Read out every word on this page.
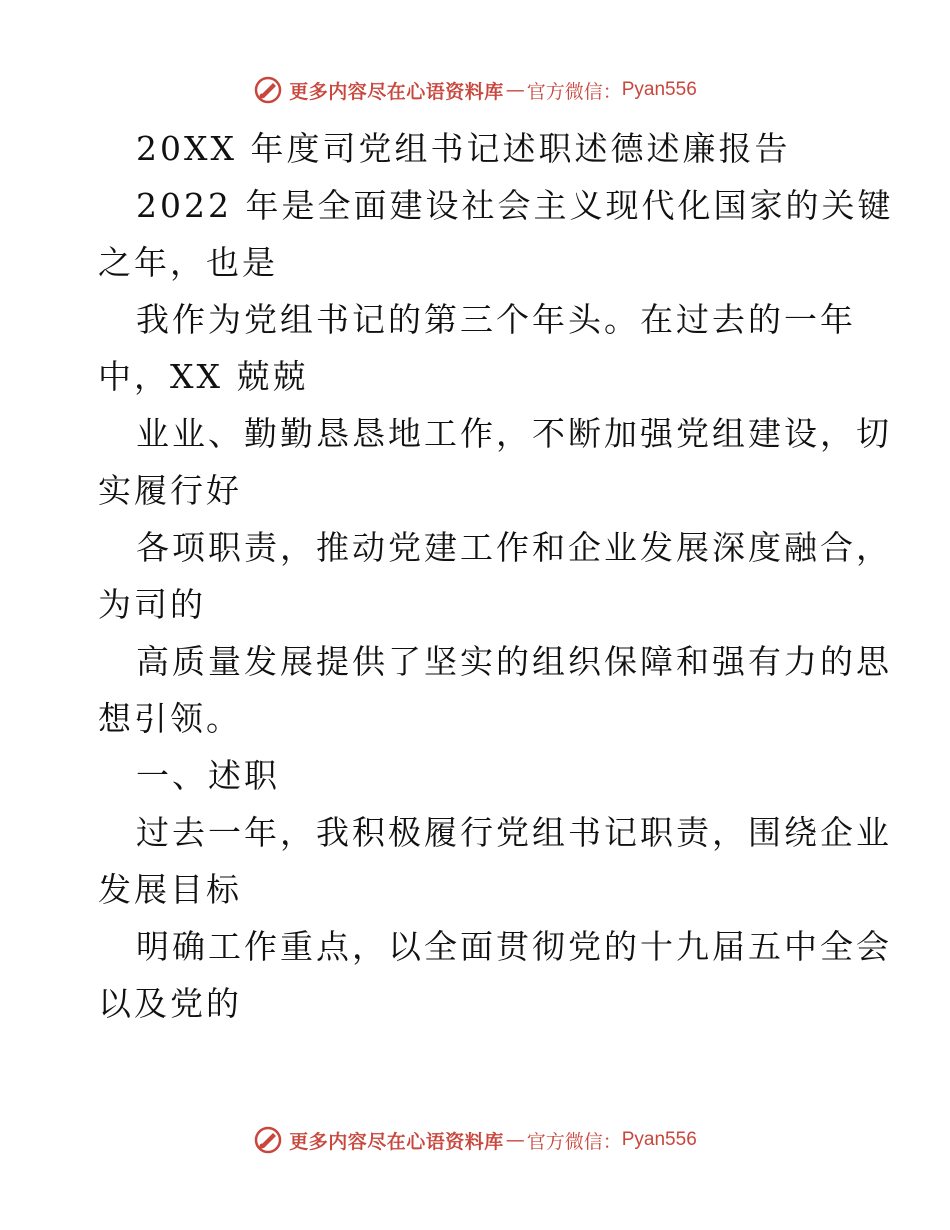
更多内容尽在心语资料库 — 官方微信： Pyan556
20XX 年度司党组书记述职述德述廉报告
2022 年是全面建设社会主义现代化国家的关键
之年，也是
我作为党组书记的第三个年头。在过去的一年
中，XX 兢兢
业业、勤勤恳恳地工作，不断加强党组建设，切
实履行好
各项职责，推动党建工作和企业发展深度融合，
为司的
高质量发展提供了坚实的组织保障和强有力的思
想引领。
一、述职
过去一年，我积极履行党组书记职责，围绕企业
发展目标
明确工作重点，以全面贯彻党的十九届五中全会
以及党的
更多内容尽在心语资料库 — 官方微信： Pyan556
